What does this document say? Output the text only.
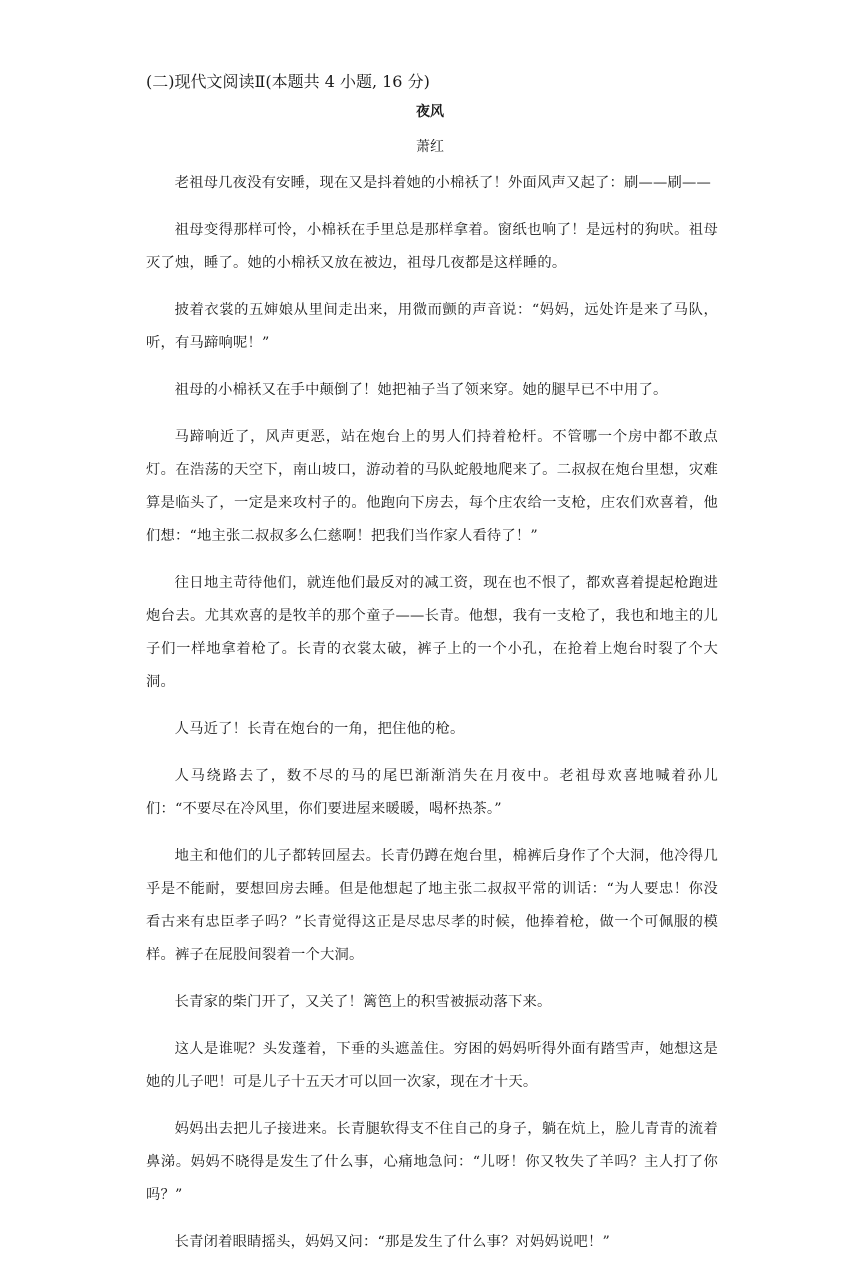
(二)现代文阅读Ⅱ(本题共 4 小题, 16 分)
夜风
萧红

老祖母几夜没有安睡，现在又是抖着她的小棉袄了！外面风声又起了：刷——刷——

祖母变得那样可怜，小棉袄在手里总是那样拿着。窗纸也响了！是远村的狗吠。祖母灭了烛，睡了。她的小棉袄又放在被边，祖母几夜都是这样睡的。

披着衣裳的五婶娘从里间走出来，用微而颤的声音说：“妈妈，远处许是来了马队，听，有马蹄响呢！”

祖母的小棉袄又在手中颠倒了！她把袖子当了领来穿。她的腿早已不中用了。

马蹄响近了，风声更恶，站在炮台上的男人们持着枪杆。不管哪一个房中都不敢点灯。在浩荡的天空下，南山坡口，游动着的马队蛇般地爬来了。二叔叔在炮台里想，灾难算是临头了，一定是来攻村子的。他跑向下房去，每个庄农给一支枪，庄农们欢喜着，他们想：“地主张二叔叔多么仁慈啊！把我们当作家人看待了！”

往日地主苛待他们，就连他们最反对的减工资，现在也不恨了，都欢喜着提起枪跑进炮台去。尤其欢喜的是牧羊的那个童子——长青。他想，我有一支枪了，我也和地主的儿子们一样地拿着枪了。长青的衣裳太破，裤子上的一个小孔，在抢着上炮台时裂了个大洞。

人马近了！长青在炮台的一角，把住他的枪。

人马绕路去了，数不尽的马的尾巴渐渐消失在月夜中。老祖母欢喜地喊着孙儿们：“不要尽在冷风里，你们要进屋来暖暖，喝杯热茶。”

地主和他们的儿子都转回屋去。长青仍蹲在炮台里，棉裤后身作了个大洞，他冷得几乎是不能耐，要想回房去睡。但是他想起了地主张二叔叔平常的训话：“为人要忠！你没看古来有忠臣孝子吗？”长青觉得这正是尽忠尽孝的时候，他捧着枪，做一个可佩服的模样。裤子在屁股间裂着一个大洞。

长青家的柴门开了，又关了！篱笆上的积雪被振动落下来。

这人是谁呢？头发蓬着，下垂的头遮盖住。穷困的妈妈听得外面有踏雪声，她想这是她的儿子吧！可是儿子十五天才可以回一次家，现在才十天。

妈妈出去把儿子接进来。长青腿软得支不住自己的身子，躺在炕上，脸儿青青的流着鼻涕。妈妈不晓得是发生了什么事，心痛地急问：“儿呀！你又牧失了羊吗？主人打了你吗？”

长青闭着眼睛摇头，妈妈又问：“那是发生了什么事？对妈妈说吧！”
